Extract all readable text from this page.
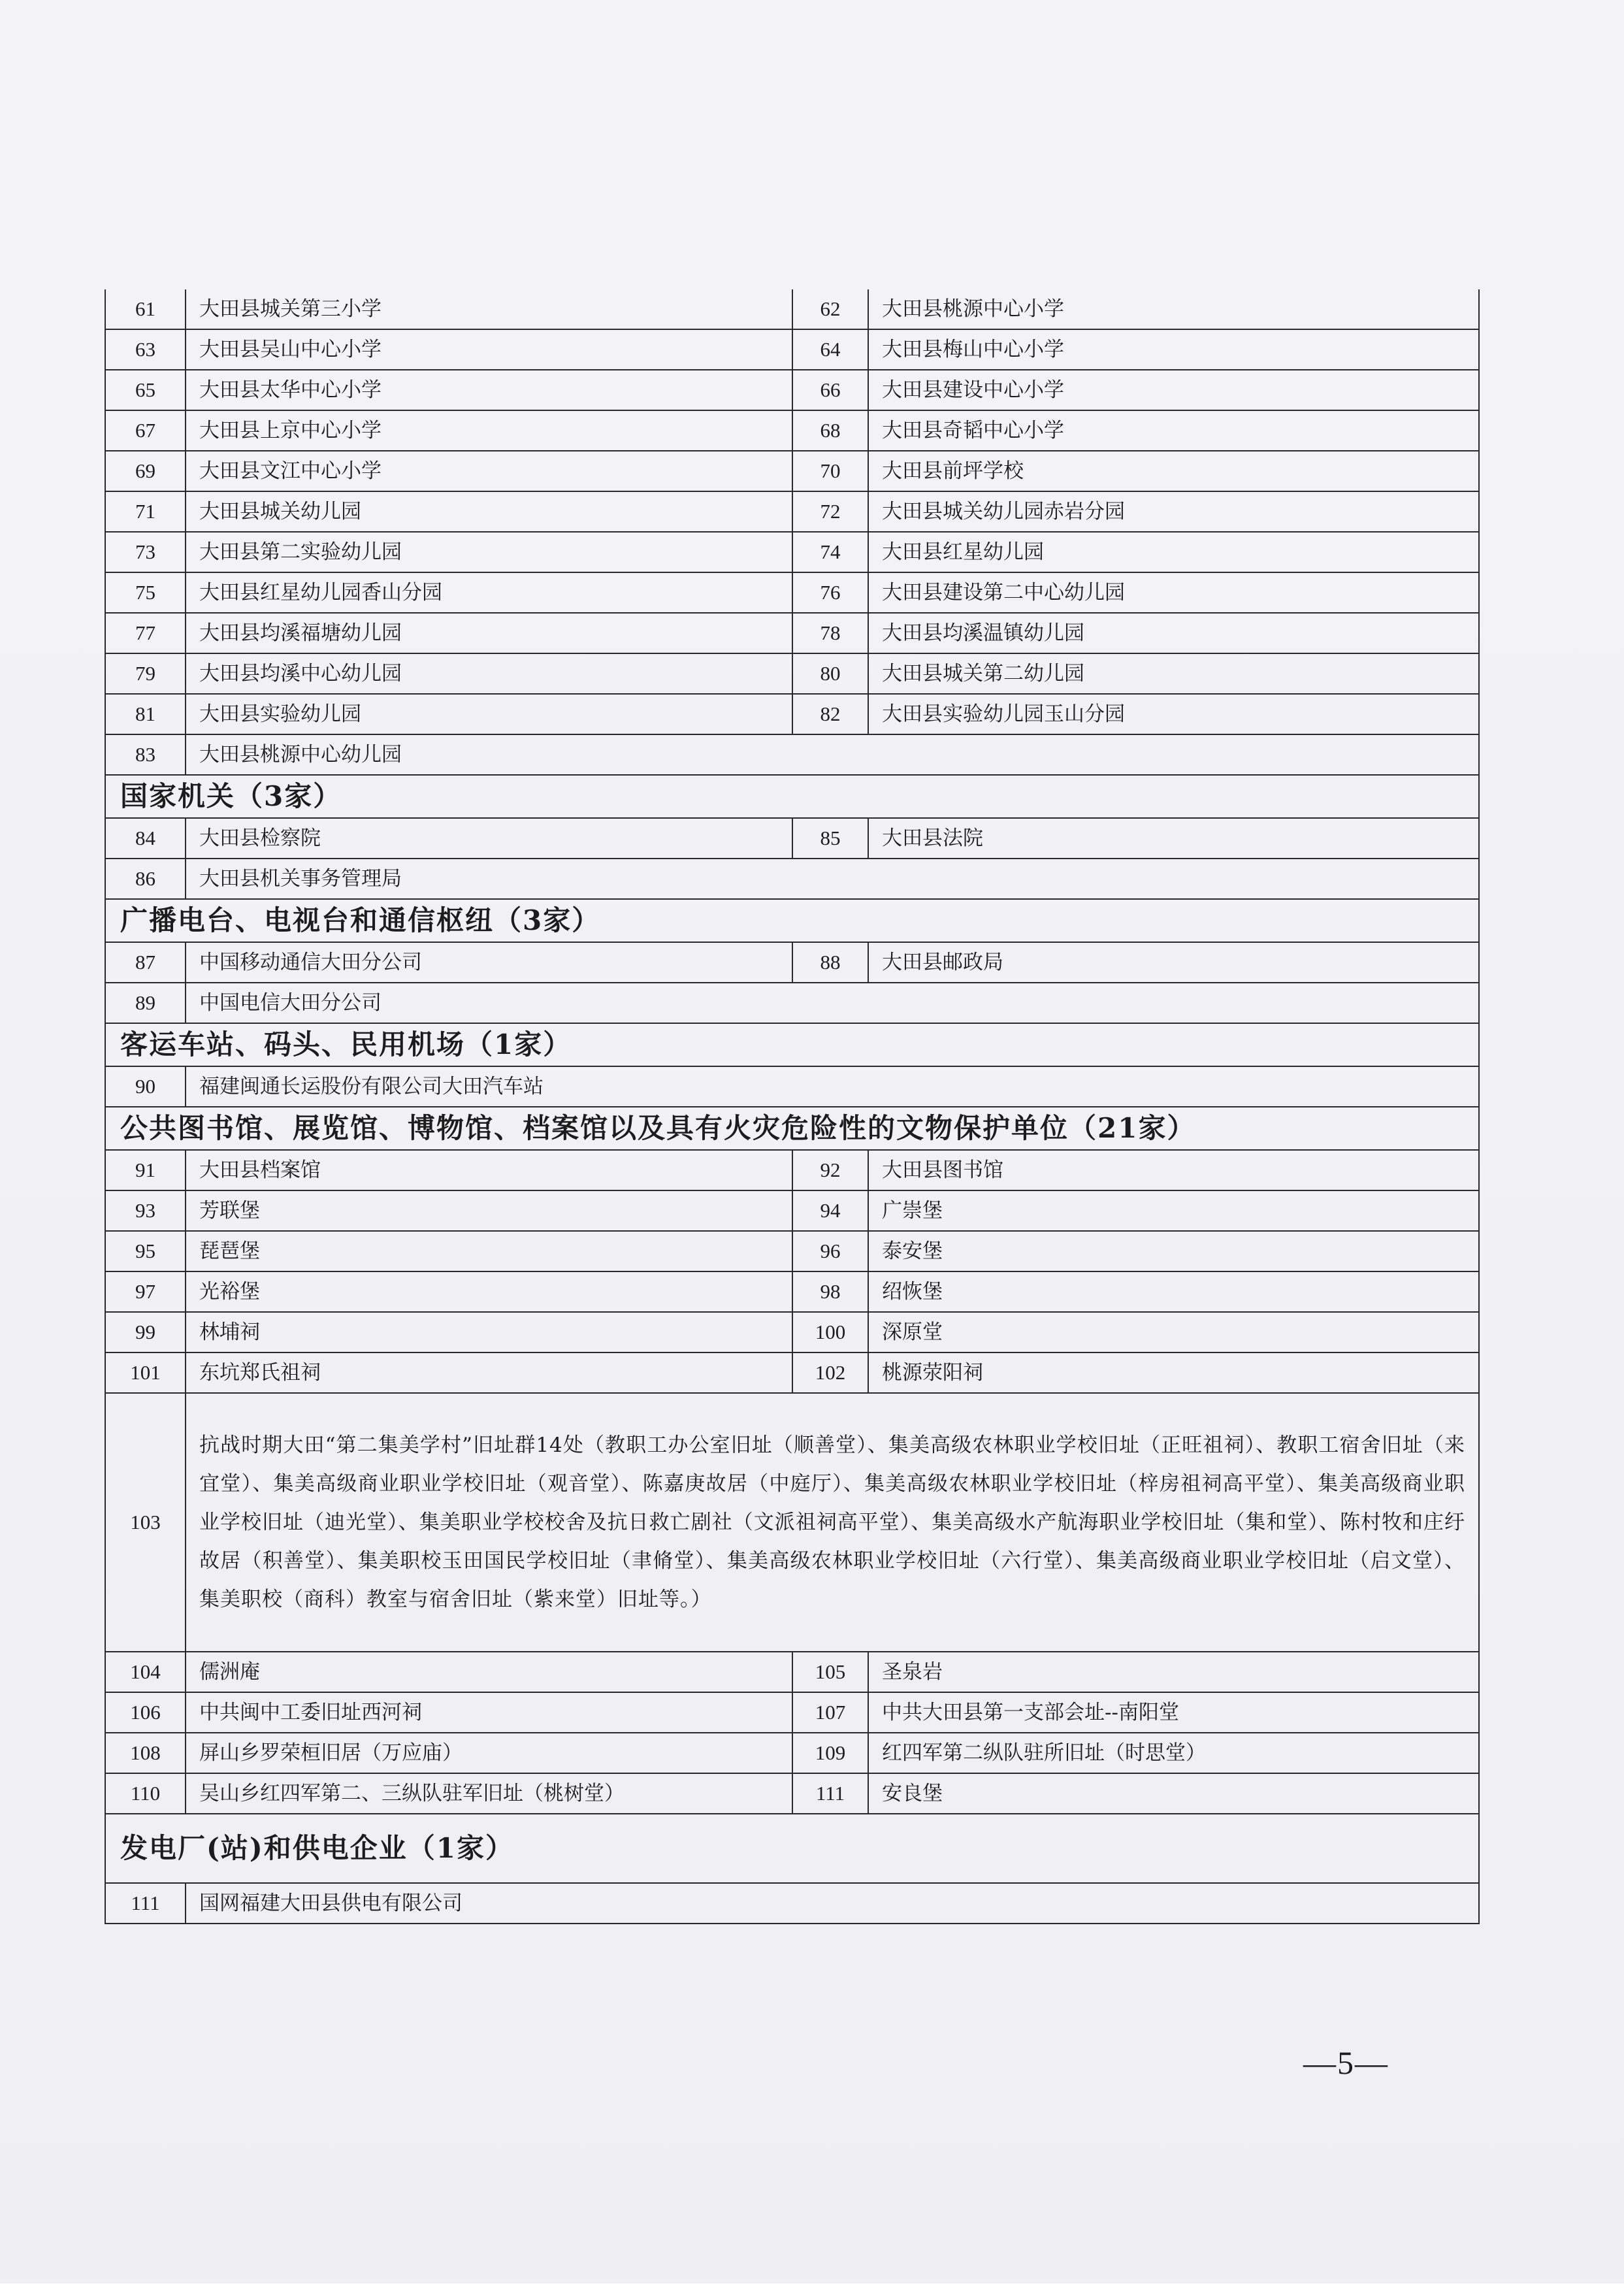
61	大田县城关第三小学	62	大田县桃源中心小学
63	大田县吴山中心小学	64	大田县梅山中心小学
65	大田县太华中心小学	66	大田县建设中心小学
67	大田县上京中心小学	68	大田县奇韬中心小学
69	大田县文江中心小学	70	大田县前坪学校
71	大田县城关幼儿园	72	大田县城关幼儿园赤岩分园
73	大田县第二实验幼儿园	74	大田县红星幼儿园
75	大田县红星幼儿园香山分园	76	大田县建设第二中心幼儿园
77	大田县均溪福塘幼儿园	78	大田县均溪温镇幼儿园
79	大田县均溪中心幼儿园	80	大田县城关第二幼儿园
81	大田县实验幼儿园	82	大田县实验幼儿园玉山分园
83	大田县桃源中心幼儿园		
国家机关（3家）			
84	大田县检察院	85	大田县法院
86	大田县机关事务管理局		
广播电台、电视台和通信枢纽（3家）			
87	中国移动通信大田分公司	88	大田县邮政局
89	中国电信大田分公司		
客运车站、码头、民用机场（1家）			
90	福建闽通长运股份有限公司大田汽车站		
公共图书馆、展览馆、博物馆、档案馆以及具有火灾危险性的文物保护单位（21家）			
91	大田县档案馆	92	大田县图书馆
93	芳联堡	94	广崇堡
95	琵琶堡	96	泰安堡
97	光裕堡	98	绍恢堡
99	林埔祠	100	深原堂
101	东坑郑氏祖祠	102	桃源荥阳祠
103	抗战时期大田“第二集美学村”旧址群14处（教职工办公室旧址（顺善堂）、集美高级农林职业学校旧址（正旺祖祠）、教职工宿舍旧址（来宜堂）、集美高级商业职业学校旧址（观音堂）、陈嘉庚故居（中庭厅）、集美高级农林职业学校旧址（梓房祖祠高平堂）、集美高级商业职业学校旧址（迪光堂）、集美职业学校校舍及抗日救亡剧社（文派祖祠高平堂）、集美高级水产航海职业学校旧址（集和堂）、陈村牧和庄纡故居（积善堂）、集美职校玉田国民学校旧址（聿脩堂）、集美高级农林职业学校旧址（六行堂）、集美高级商业职业学校旧址（启文堂）、集美职校（商科）教室与宿舍旧址（紫来堂）旧址等。）		
104	儒洲庵	105	圣泉岩
106	中共闽中工委旧址西河祠	107	中共大田县第一支部会址--南阳堂
108	屏山乡罗荣桓旧居（万应庙）	109	红四军第二纵队驻所旧址（时思堂）
110	吴山乡红四军第二、三纵队驻军旧址（桃树堂）	111	安良堡
发电厂(站)和供电企业（1家）			
111	国网福建大田县供电有限公司		
—5—
